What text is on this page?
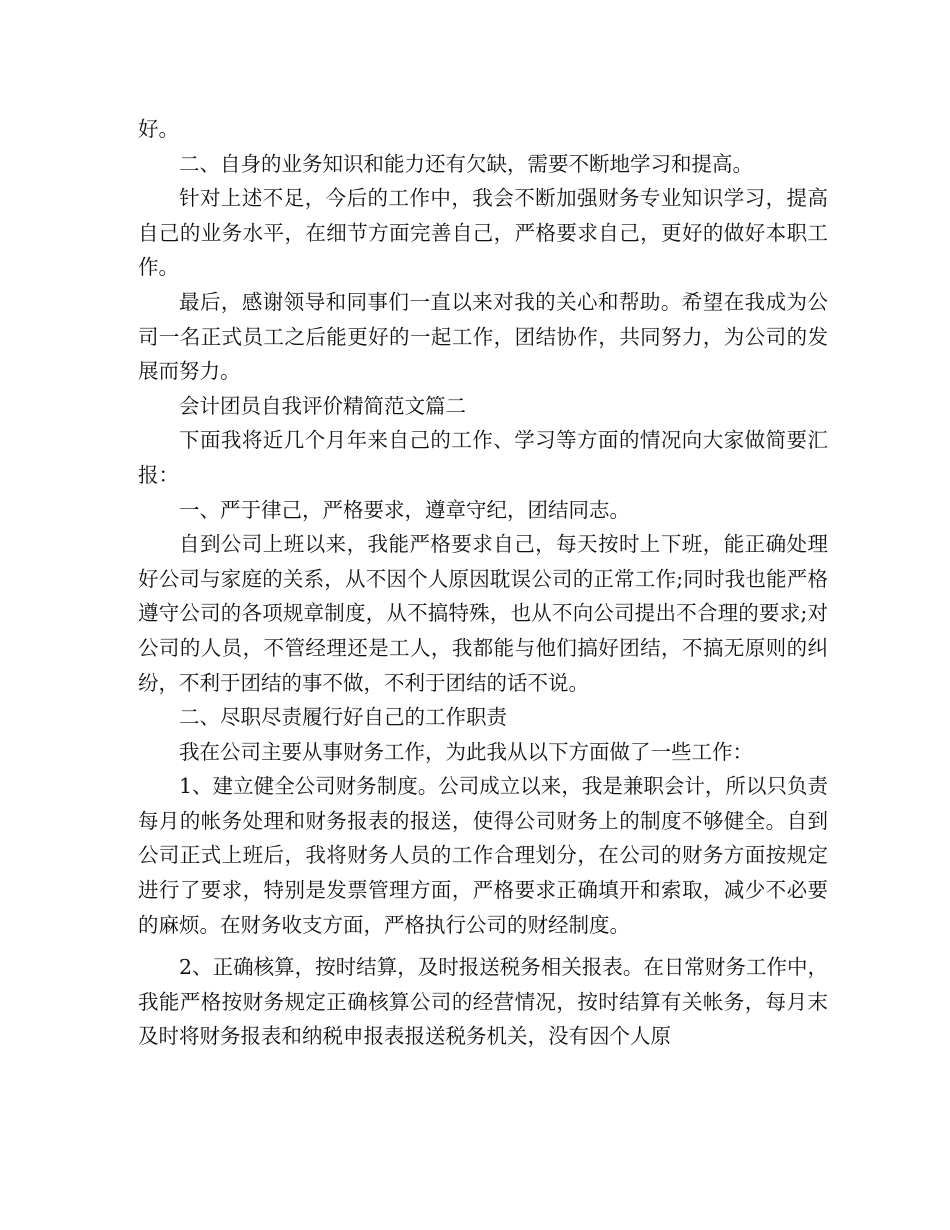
好。

二、自身的业务知识和能力还有欠缺，需要不断地学习和提高。

针对上述不足，今后的工作中，我会不断加强财务专业知识学习，提高自己的业务水平，在细节方面完善自己，严格要求自己，更好的做好本职工作。

最后，感谢领导和同事们一直以来对我的关心和帮助。希望在我成为公司一名正式员工之后能更好的一起工作，团结协作，共同努力，为公司的发展而努力。

会计团员自我评价精简范文篇二

下面我将近几个月年来自己的工作、学习等方面的情况向大家做简要汇报：

一、严于律己，严格要求，遵章守纪，团结同志。

自到公司上班以来，我能严格要求自己，每天按时上下班，能正确处理好公司与家庭的关系，从不因个人原因耽误公司的正常工作;同时我也能严格遵守公司的各项规章制度，从不搞特殊，也从不向公司提出不合理的要求;对公司的人员，不管经理还是工人，我都能与他们搞好团结，不搞无原则的纠纷，不利于团结的事不做，不利于团结的话不说。

二、尽职尽责履行好自己的工作职责

我在公司主要从事财务工作，为此我从以下方面做了一些工作：

1、建立健全公司财务制度。公司成立以来，我是兼职会计，所以只负责每月的帐务处理和财务报表的报送，使得公司财务上的制度不够健全。自到公司正式上班后，我将财务人员的工作合理划分，在公司的财务方面按规定进行了要求，特别是发票管理方面，严格要求正确填开和索取，减少不必要的麻烦。在财务收支方面，严格执行公司的财经制度。

2、正确核算，按时结算，及时报送税务相关报表。在日常财务工作中，我能严格按财务规定正确核算公司的经营情况，按时结算有关帐务，每月末及时将财务报表和纳税申报表报送税务机关，没有因个人原
